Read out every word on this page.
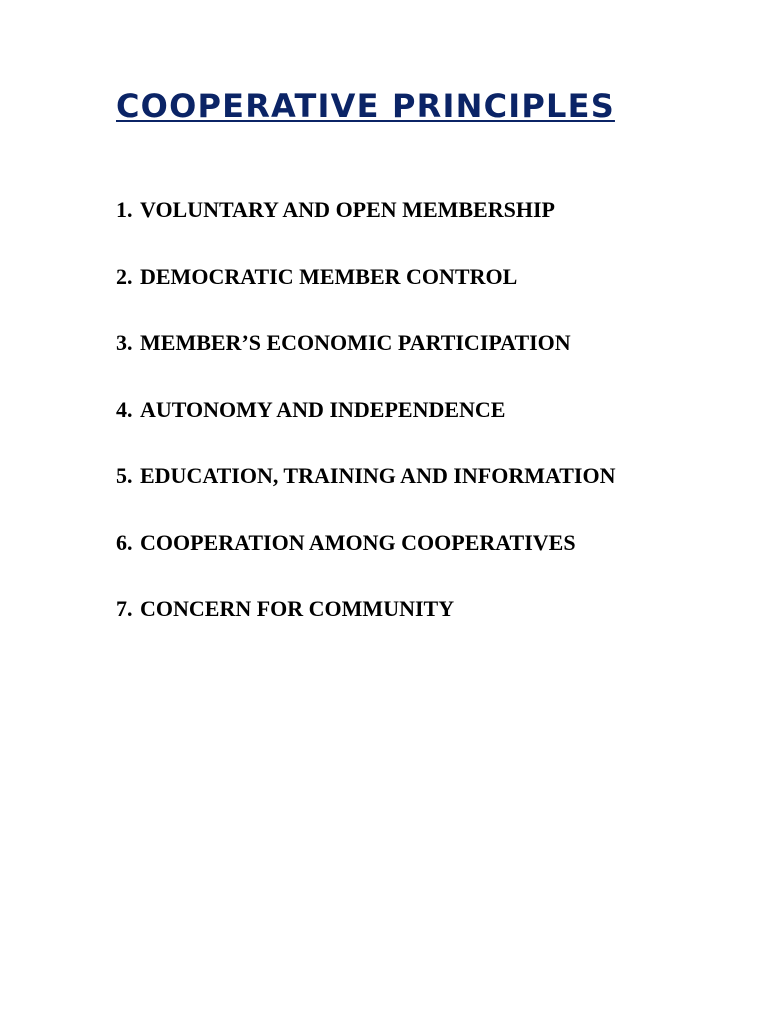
COOPERATIVE PRINCIPLES
1. VOLUNTARY AND OPEN MEMBERSHIP
2. DEMOCRATIC MEMBER CONTROL
3. MEMBER’S ECONOMIC PARTICIPATION
4. AUTONOMY AND INDEPENDENCE
5. EDUCATION, TRAINING AND INFORMATION
6. COOPERATION AMONG COOPERATIVES
7. CONCERN FOR COMMUNITY
